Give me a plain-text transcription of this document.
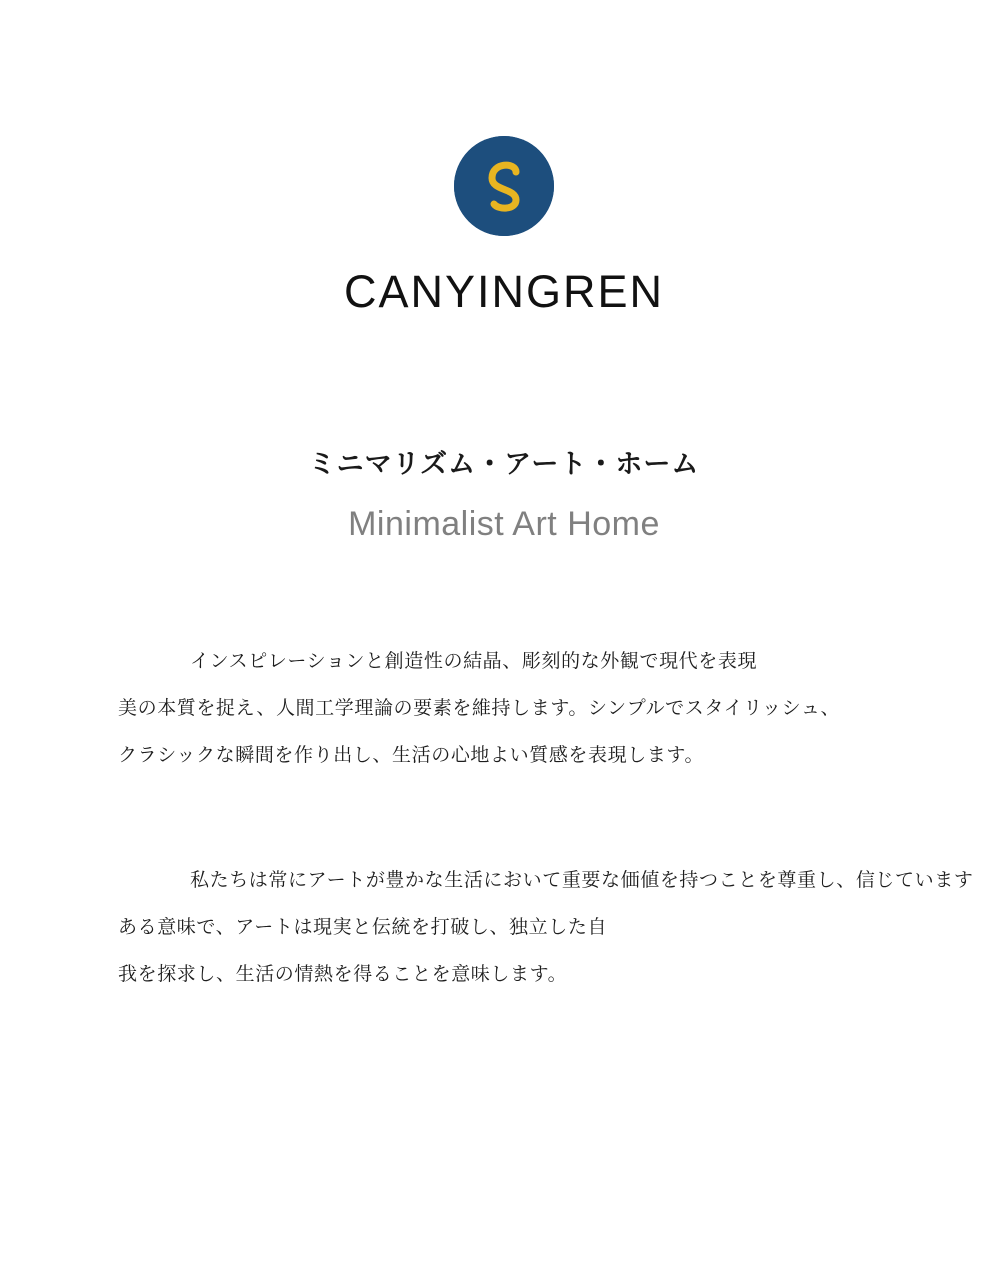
CANYINGREN
ミニマリズム・アート・ホーム
Minimalist Art Home
インスピレーションと創造性の結晶、彫刻的な外観で現代を表現
美の本質を捉え、人間工学理論の要素を維持します。シンプルでスタイリッシュ、
クラシックな瞬間を作り出し、生活の心地よい質感を表現します。
私たちは常にアートが豊かな生活において重要な価値を持つことを尊重し、信じています
ある意味で、アートは現実と伝統を打破し、独立した自
我を探求し、生活の情熱を得ることを意味します。
